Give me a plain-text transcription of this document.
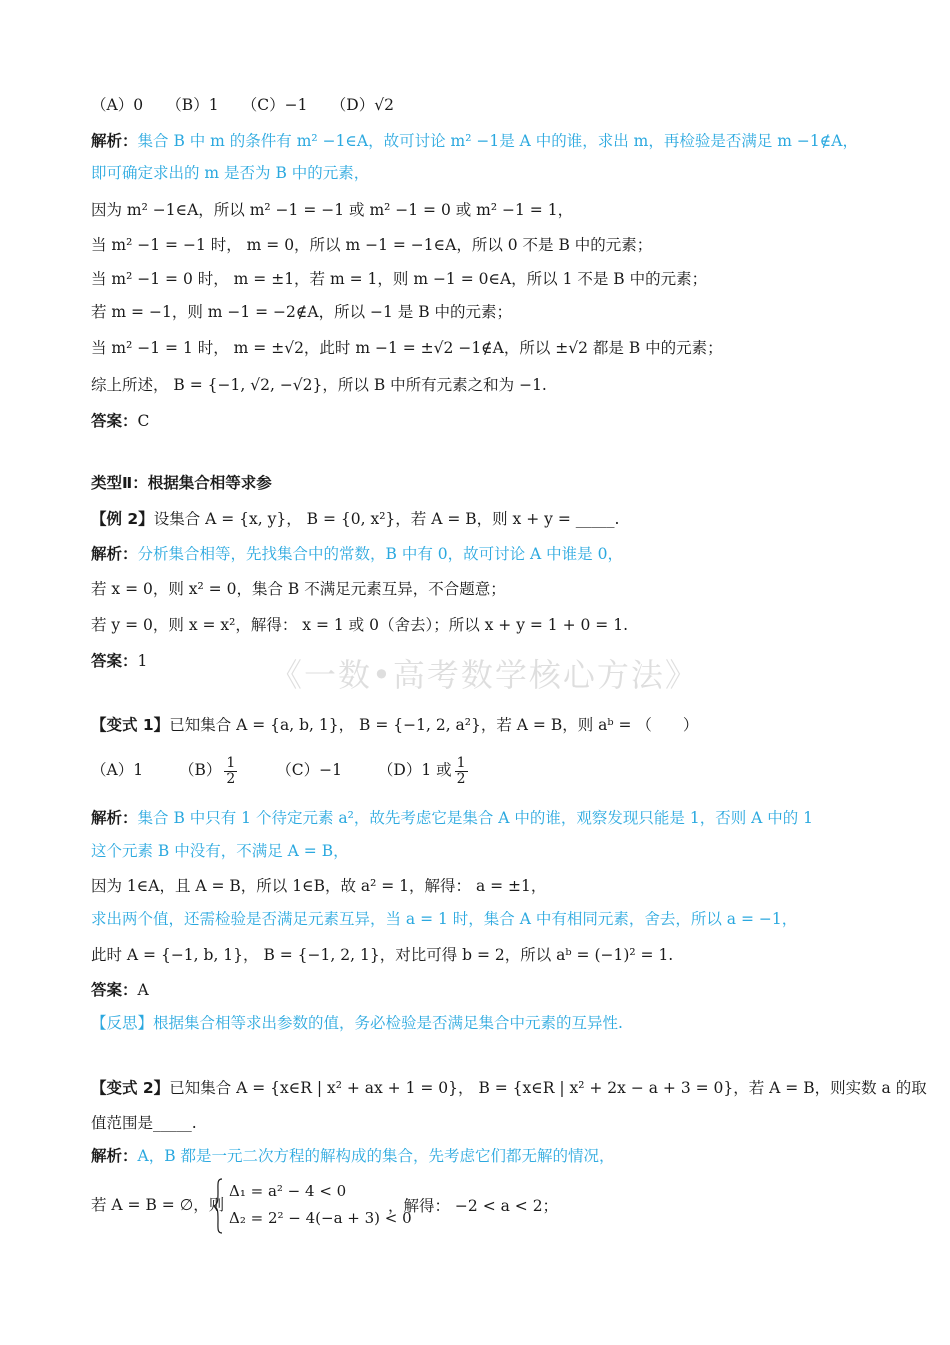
（A）0　　（B）1　　（C）−1　　（D）√2
解析：集合 B 中 m 的条件有 m² −1∈A，故可讨论 m² −1是 A 中的谁，求出 m，再检验是否满足 m −1∉A，
即可确定求出的 m 是否为 B 中的元素，
因为 m² −1∈A，所以 m² −1 = −1 或 m² −1 = 0 或 m² −1 = 1，
当 m² −1 = −1 时， m = 0，所以 m −1 = −1∈A，所以 0 不是 B 中的元素；
当 m² −1 = 0 时， m = ±1，若 m = 1，则 m −1 = 0∈A，所以 1 不是 B 中的元素；
若 m = −1，则 m −1 = −2∉A，所以 −1 是 B 中的元素；
当 m² −1 = 1 时， m = ±√2，此时 m −1 = ±√2 −1∉A，所以 ±√2 都是 B 中的元素；
综上所述， B = {−1, √2, −√2}，所以 B 中所有元素之和为 −1.
答案：C
类型Ⅱ：根据集合相等求参
【例 2】设集合 A = {x, y}， B = {0, x²}，若 A = B，则 x + y = _____.
解析：分析集合相等，先找集合中的常数，B 中有 0，故可讨论 A 中谁是 0，
若 x = 0，则 x² = 0，集合 B 不满足元素互异，不合题意；
若 y = 0，则 x = x²，解得： x = 1 或 0（舍去）；所以 x + y = 1 + 0 = 1.
答案：1	《一数•高考数学核心方法》
【变式 1】已知集合 A = {a, b, 1}， B = {−1, 2, a²}，若 A = B，则 aᵇ = （　　）
（A）1　　 $(B) \frac{1}{2}$
　　	（C）−1　　 （D）1 或 $\frac{1}{2}$
解析：集合 B 中只有 1 个待定元素 a²，故先考虑它是集合 A 中的谁，观察发现只能是 1，否则 A 中的 1
这个元素 B 中没有，不满足 A = B，
因为 1∈A，且 A = B，所以 1∈B，故 a² = 1，解得： a = ±1，
求出两个值，还需检验是否满足元素互异，当 a = 1 时，集合 A 中有相同元素，舍去，所以 a = −1，
此时 A = {−1, b, 1}， B = {−1, 2, 1}，对比可得 b = 2，所以 aᵇ = (−1)² = 1.
答案：A
【反思】根据集合相等求出参数的值，务必检验是否满足集合中元素的互异性.
【变式 2】已知集合 A = {x∈R | x² + ax + 1 = 0}， B = {x∈R | x² + 2x − a + 3 = 0}，若 A = B，则实数 a 的取
值范围是_____.
解析：A，B 都是一元二次方程的解构成的集合，先考虑它们都无解的情况，
若 A = B = ∅，则
Δ₁ = a² − 4 < 0
Δ₂ = 2² − 4(−a + 3) < 0
，解得： −2 < a < 2；
